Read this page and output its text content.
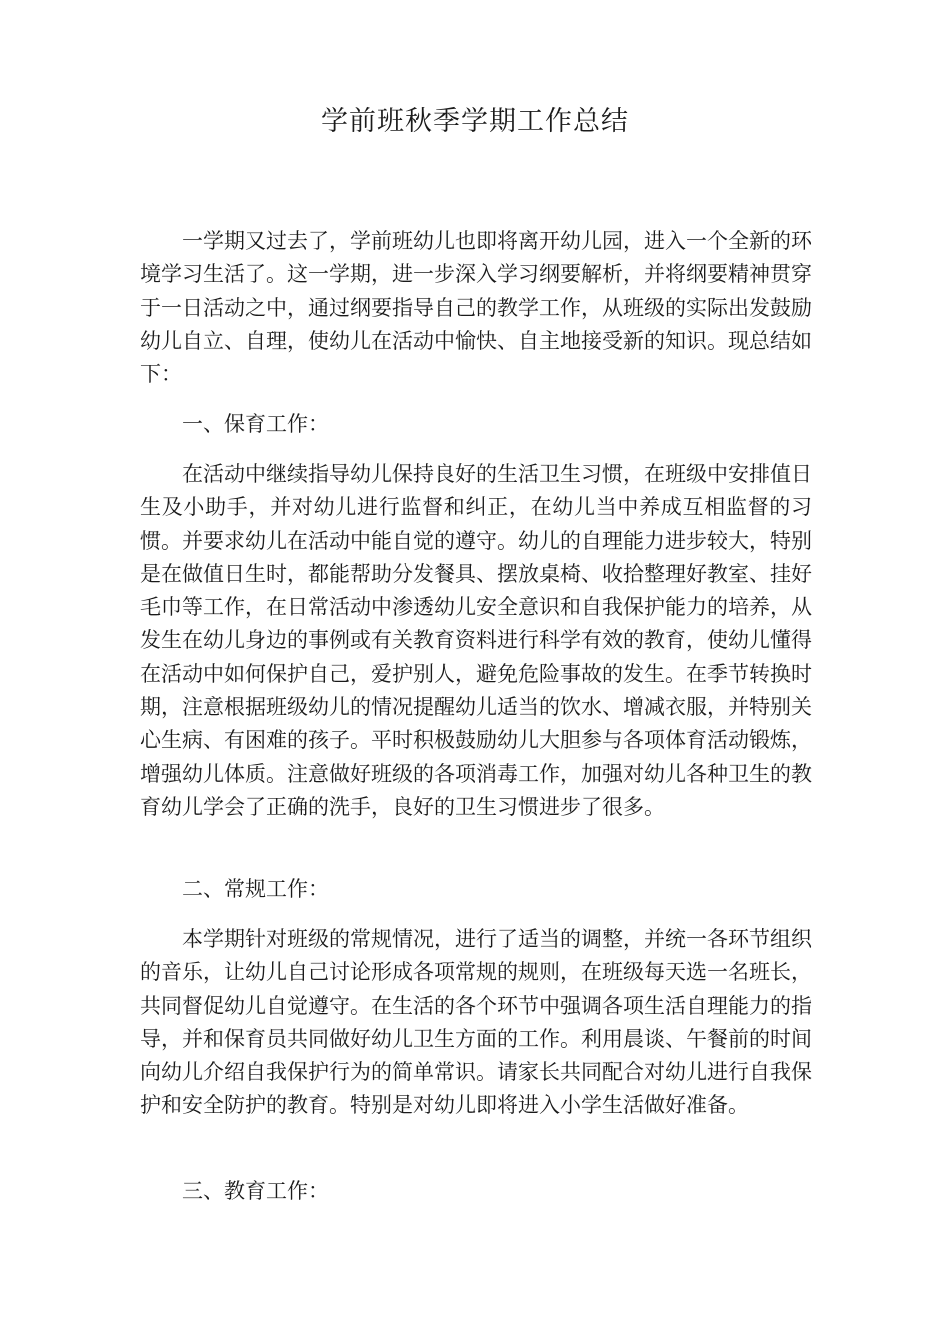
学前班秋季学期工作总结

一学期又过去了，学前班幼儿也即将离开幼儿园，进入一个全新的环境学习生活了。这一学期，进一步深入学习纲要解析，并将纲要精神贯穿于一日活动之中，通过纲要指导自己的教学工作，从班级的实际出发鼓励幼儿自立、自理，使幼儿在活动中愉快、自主地接受新的知识。现总结如下：

一、保育工作：

在活动中继续指导幼儿保持良好的生活卫生习惯，在班级中安排值日生及小助手，并对幼儿进行监督和纠正，在幼儿当中养成互相监督的习惯。并要求幼儿在活动中能自觉的遵守。幼儿的自理能力进步较大，特别是在做值日生时，都能帮助分发餐具、摆放桌椅、收拾整理好教室、挂好毛巾等工作，在日常活动中渗透幼儿安全意识和自我保护能力的培养，从发生在幼儿身边的事例或有关教育资料进行科学有效的教育，使幼儿懂得在活动中如何保护自己，爱护别人，避免危险事故的发生。在季节转换时期，注意根据班级幼儿的情况提醒幼儿适当的饮水、增减衣服，并特别关心生病、有困难的孩子。平时积极鼓励幼儿大胆参与各项体育活动锻炼，增强幼儿体质。注意做好班级的各项消毒工作，加强对幼儿各种卫生的教育幼儿学会了正确的洗手，良好的卫生习惯进步了很多。

二、常规工作：

本学期针对班级的常规情况，进行了适当的调整，并统一各环节组织的音乐，让幼儿自己讨论形成各项常规的规则，在班级每天选一名班长，共同督促幼儿自觉遵守。在生活的各个环节中强调各项生活自理能力的指导，并和保育员共同做好幼儿卫生方面的工作。利用晨谈、午餐前的时间向幼儿介绍自我保护行为的简单常识。请家长共同配合对幼儿进行自我保护和安全防护的教育。特别是对幼儿即将进入小学生活做好准备。

三、教育工作：
